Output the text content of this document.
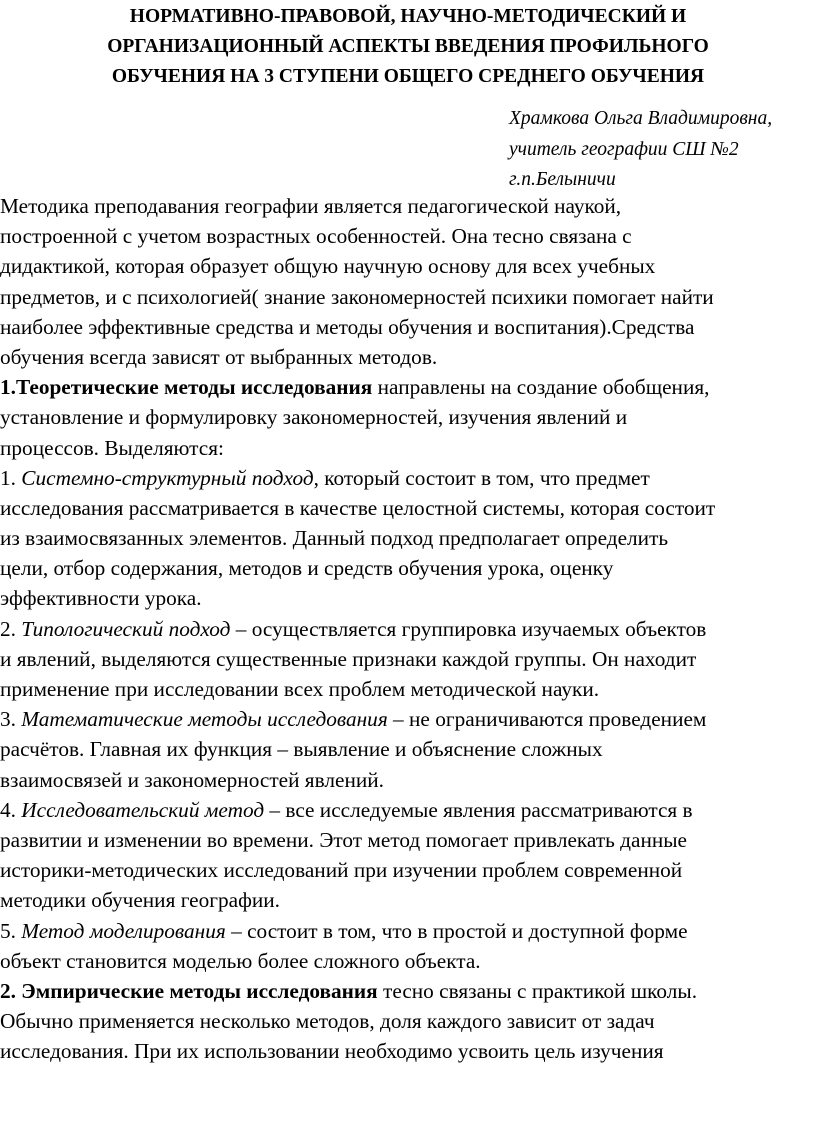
НОРМАТИВНО-ПРАВОВОЙ, НАУЧНО-МЕТОДИЧЕСКИЙ И
ОРГАНИЗАЦИОННЫЙ АСПЕКТЫ ВВЕДЕНИЯ ПРОФИЛЬНОГО
ОБУЧЕНИЯ НА 3 СТУПЕНИ ОБЩЕГО СРЕДНЕГО ОБУЧЕНИЯ
Храмкова Ольга Владимировна,
учитель географии СШ №2
г.п.Белыничи
Методика преподавания географии является педагогической наукой,
построенной с учетом возрастных особенностей. Она тесно связана с
дидактикой, которая образует общую научную основу для всех учебных
предметов, и с психологией( знание закономерностей психики помогает найти
наиболее эффективные средства и методы обучения и воспитания).Средства
обучения всегда зависят от выбранных методов.
1.Теоретические методы исследования направлены на создание обобщения,
установление и формулировку закономерностей, изучения явлений и
процессов. Выделяются:
1. Системно-структурный подход, который состоит в том, что предмет
исследования рассматривается в качестве целостной системы, которая состоит
из взаимосвязанных элементов. Данный подход предполагает определить
цели, отбор содержания, методов и средств обучения урока, оценку
эффективности урока.
2. Типологический подход – осуществляется группировка изучаемых объектов
и явлений, выделяются существенные признаки каждой группы. Он находит
применение при исследовании всех проблем методической науки.
3. Математические методы исследования – не ограничиваются проведением
расчётов. Главная их функция – выявление и объяснение сложных
взаимосвязей и закономерностей явлений.
4. Исследовательский метод – все исследуемые явления рассматриваются в
развитии и изменении во времени. Этот метод помогает привлекать данные
историки-методических исследований при изучении проблем современной
методики обучения географии.
5. Метод моделирования – состоит в том, что в простой и доступной форме
объект становится моделью более сложного объекта.
2. Эмпирические методы исследования тесно связаны с практикой школы.
Обычно применяется несколько методов, доля каждого зависит от задач
исследования. При их использовании необходимо усвоить цель изучения
